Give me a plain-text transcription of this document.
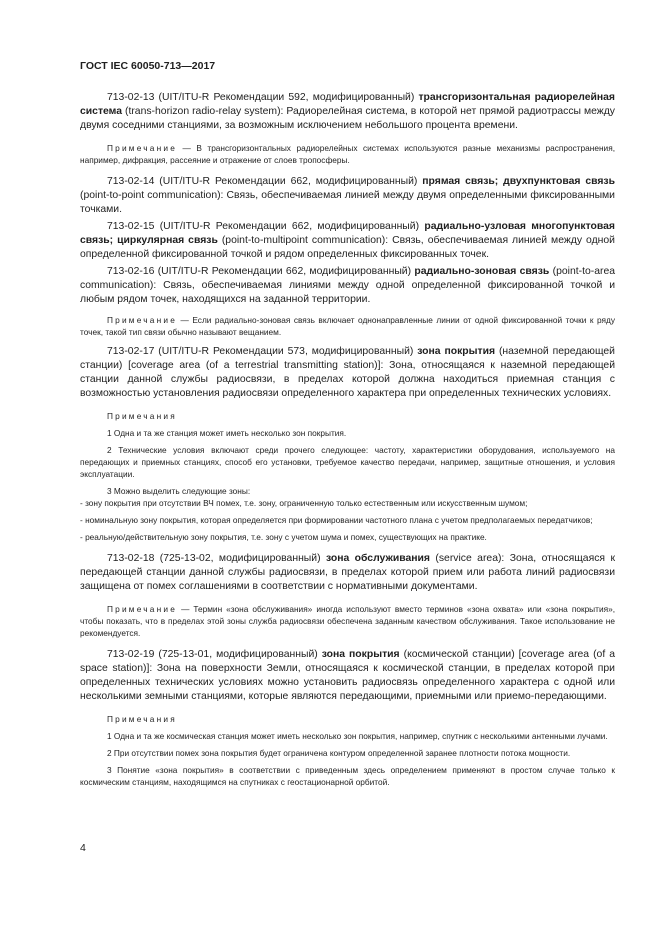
ГОСТ IEC 60050-713—2017

713-02-13 (UIT/ITU-R Рекомендации 592, модифицированный) трансгоризонтальная радиорелейная система (trans-horizon radio-relay system): Радиорелейная система, в которой нет прямой радиотрассы между двумя соседними станциями, за возможным исключением небольшого процента времени.

Примечание — В трансгоризонтальных радиорелейных системах используются разные механизмы распространения, например, дифракция, рассеяние и отражение от слоев тропосферы.

713-02-14 (UIT/ITU-R Рекомендации 662, модифицированный) прямая связь; двухпунктовая связь (point-to-point communication): Связь, обеспечиваемая линией между двумя определенными фиксированными точками.

713-02-15 (UIT/ITU-R Рекомендации 662, модифицированный) радиально-узловая многопунктовая связь; циркулярная связь (point-to-multipoint communication): Связь, обеспечиваемая линией между одной определенной фиксированной точкой и рядом определенных фиксированных точек.

713-02-16 (UIT/ITU-R Рекомендации 662, модифицированный) радиально-зоновая связь (point-to-area communication): Связь, обеспечиваемая линиями между одной определенной фиксированной точкой и любым рядом точек, находящихся на заданной территории.

Примечание — Если радиально-зоновая связь включает однонаправленные линии от одной фиксированной точки к ряду точек, такой тип связи обычно называют вещанием.

713-02-17 (UIT/ITU-R Рекомендации 573, модифицированный) зона покрытия (наземной передающей станции) [coverage area (of a terrestrial transmitting station)]: Зона, относящаяся к наземной передающей станции данной службы радиосвязи, в пределах которой должна находиться приемная станция с возможностью установления радиосвязи определенного характера при определенных технических условиях.

Примечания

1 Одна и та же станция может иметь несколько зон покрытия.

2 Технические условия включают среди прочего следующее: частоту, характеристики оборудования, используемого на передающих и приемных станциях, способ его установки, требуемое качество передачи, например, защитные отношения, и условия эксплуатации.

3 Можно выделить следующие зоны:

- зону покрытия при отсутствии ВЧ помех, т.е. зону, ограниченную только естественным или искусственным шумом;

- номинальную зону покрытия, которая определяется при формировании частотного плана с учетом предполагаемых передатчиков;

- реальную/действительную зону покрытия, т.е. зону с учетом шума и помех, существующих на практике.

713-02-18 (725-13-02, модифицированный) зона обслуживания (service area): Зона, относящаяся к передающей станции данной службы радиосвязи, в пределах которой прием или работа линий радиосвязи защищена от помех соглашениями в соответствии с нормативными документами.

Примечание — Термин «зона обслуживания» иногда используют вместо терминов «зона охвата» или «зона покрытия», чтобы показать, что в пределах этой зоны служба радиосвязи обеспечена заданным качеством обслуживания. Такое использование не рекомендуется.

713-02-19 (725-13-01, модифицированный) зона покрытия (космической станции) [coverage area (of a space station)]: Зона на поверхности Земли, относящаяся к космической станции, в пределах которой при определенных технических условиях можно установить радиосвязь определенного характера с одной или несколькими земными станциями, которые являются передающими, приемными или приемо-передающими.

Примечания

1 Одна и та же космическая станция может иметь несколько зон покрытия, например, спутник с несколькими антенными лучами.

2 При отсутствии помех зона покрытия будет ограничена контуром определенной заранее плотности потока мощности.

3 Понятие «зона покрытия» в соответствии с приведенным здесь определением применяют в простом случае только к космическим станциям, находящимся на спутниках с геостационарной орбитой.

4
